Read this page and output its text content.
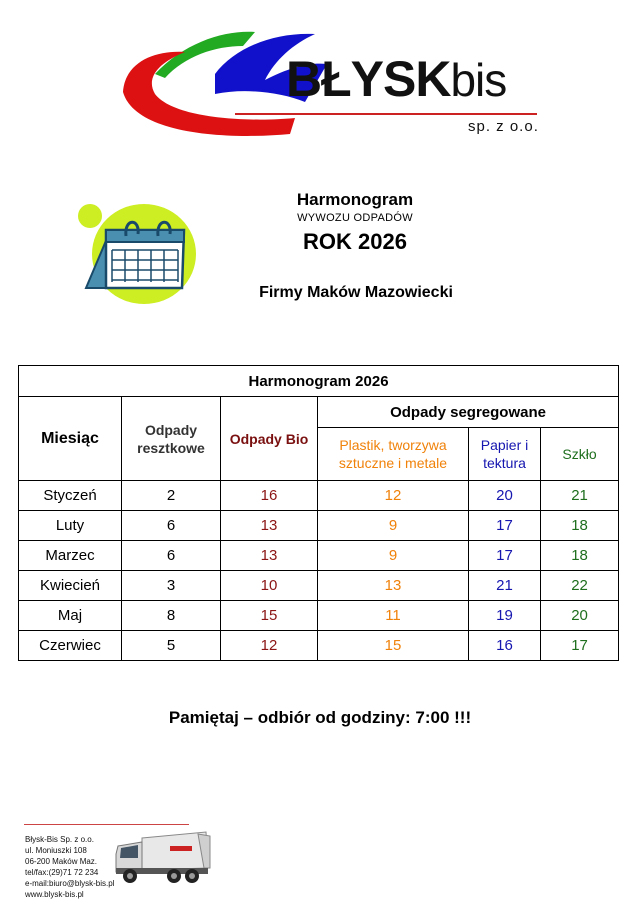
BŁYSKbis
sp. z o.o.
Harmonogram
WYWOZU ODPADÓW
ROK 2026
Firmy Maków Mazowiecki
Harmonogram 2026					
Miesiąc	Odpady resztkowe	Odpady Bio	Odpady segregowane		
			Plastik, tworzywa sztuczne i metale	Papier i tektura	Szkło
Styczeń	2	16	12	20	21
Luty	6	13	9	17	18
Marzec	6	13	9	17	18
Kwiecień	3	10	13	21	22
Maj	8	15	11	19	20
Czerwiec	5	12	15	16	17
Pamiętaj – odbiór od godziny: 7:00 !!!
Błysk-Bis Sp. z o.o.
ul. Moniuszki 108
06-200 Maków Maz.
tel/fax:(29)71 72 234
e-mail:biuro@blysk-bis.pl
www.blysk-bis.pl
